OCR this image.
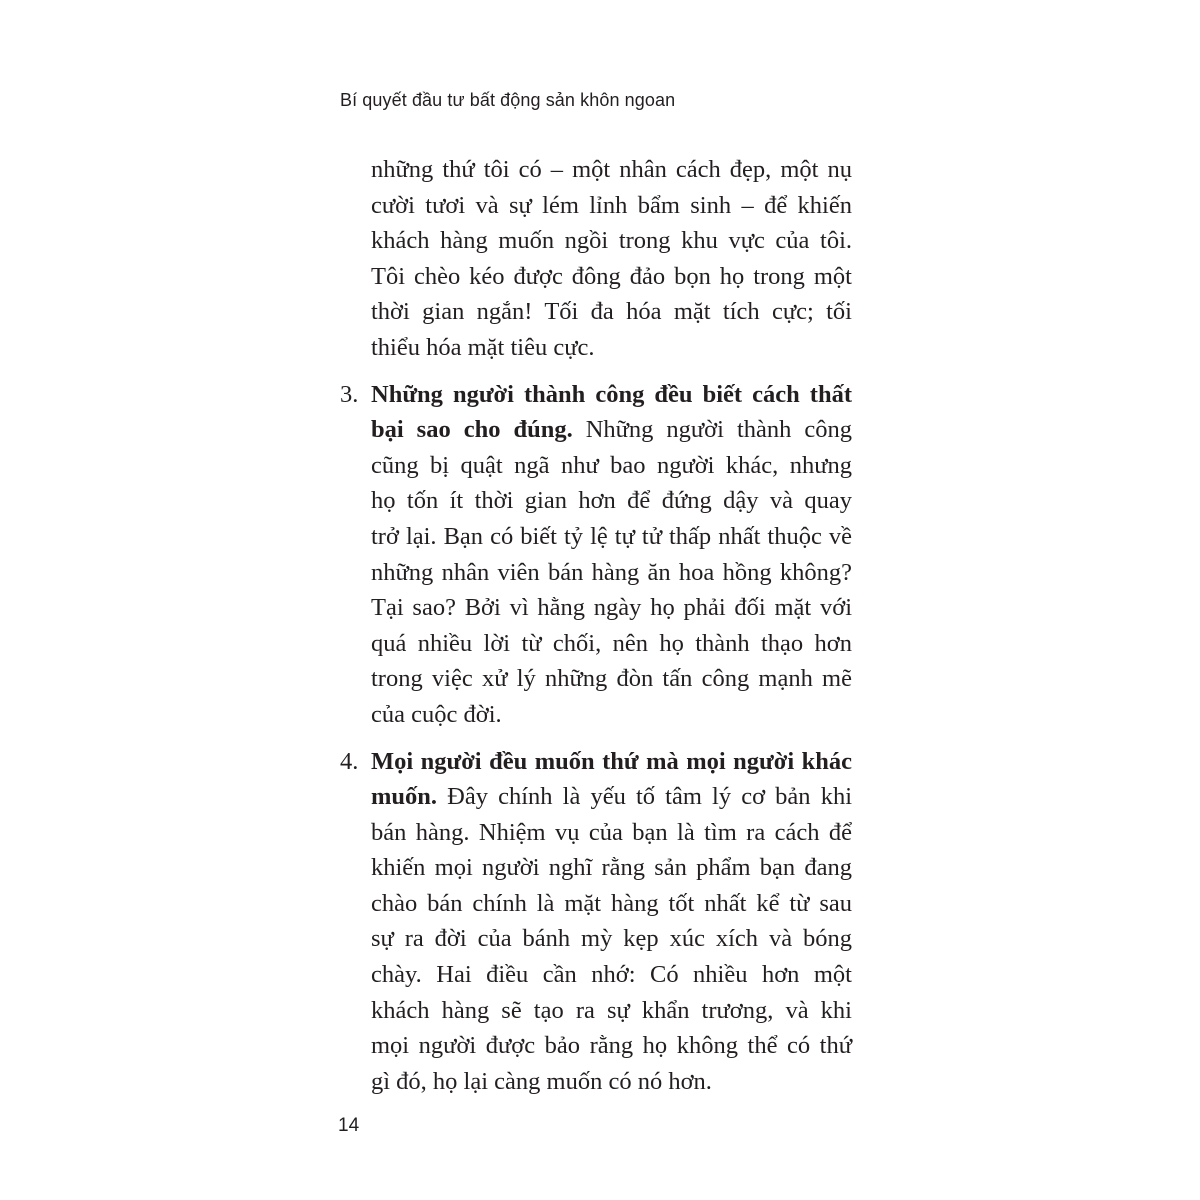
Bí quyết đầu tư bất động sản khôn ngoan
những thứ tôi có – một nhân cách đẹp, một nụ
cười tươi và sự lém lỉnh bẩm sinh – để khiến
khách hàng muốn ngồi trong khu vực của tôi.
Tôi chèo kéo được đông đảo bọn họ trong một
thời gian ngắn! Tối đa hóa mặt tích cực; tối
thiểu hóa mặt tiêu cực.
3. Những người thành công đều biết cách thất
bại sao cho đúng. Những người thành công
cũng bị quật ngã như bao người khác, nhưng
họ tốn ít thời gian hơn để đứng dậy và quay
trở lại. Bạn có biết tỷ lệ tự tử thấp nhất thuộc về
những nhân viên bán hàng ăn hoa hồng không?
Tại sao? Bởi vì hằng ngày họ phải đối mặt với
quá nhiều lời từ chối, nên họ thành thạo hơn
trong việc xử lý những đòn tấn công mạnh mẽ
của cuộc đời.
4. Mọi người đều muốn thứ mà mọi người khác
muốn. Đây chính là yếu tố tâm lý cơ bản khi
bán hàng. Nhiệm vụ của bạn là tìm ra cách để
khiến mọi người nghĩ rằng sản phẩm bạn đang
chào bán chính là mặt hàng tốt nhất kể từ sau
sự ra đời của bánh mỳ kẹp xúc xích và bóng
chày. Hai điều cần nhớ: Có nhiều hơn một
khách hàng sẽ tạo ra sự khẩn trương, và khi
mọi người được bảo rằng họ không thể có thứ
gì đó, họ lại càng muốn có nó hơn.
14
